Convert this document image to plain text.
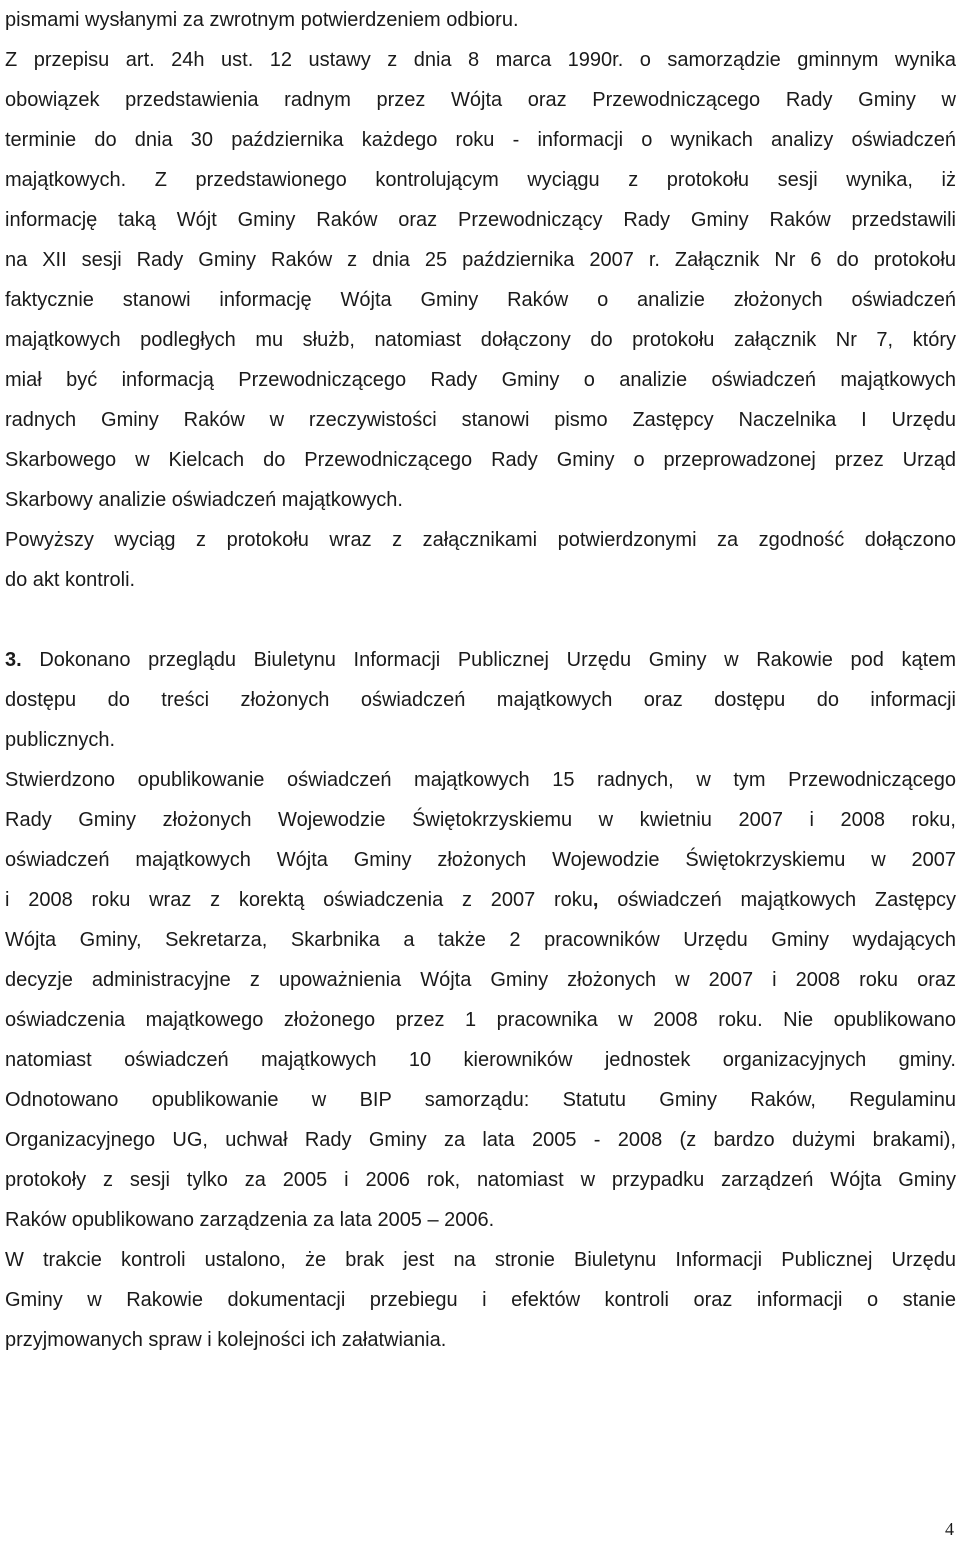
pismami wysłanymi za zwrotnym potwierdzeniem odbioru.
Z przepisu art. 24h ust. 12 ustawy z dnia 8 marca 1990r. o samorządzie gminnym wynika
obowiązek przedstawienia radnym przez Wójta oraz Przewodniczącego Rady Gminy w
terminie do dnia 30 października każdego roku - informacji o wynikach analizy oświadczeń
majątkowych. Z przedstawionego kontrolującym wyciągu z protokołu sesji wynika, iż
informację taką Wójt Gminy Raków oraz Przewodniczący Rady Gminy Raków przedstawili
na XII sesji Rady Gminy Raków z dnia 25 października 2007 r. Załącznik Nr 6 do protokołu
faktycznie stanowi informację Wójta Gminy Raków o analizie złożonych oświadczeń
majątkowych podległych mu służb, natomiast dołączony do protokołu załącznik Nr 7, który
miał być informacją Przewodniczącego Rady Gminy o analizie oświadczeń majątkowych
radnych Gminy Raków w rzeczywistości stanowi pismo Zastępcy Naczelnika I Urzędu
Skarbowego w Kielcach do Przewodniczącego Rady Gminy o przeprowadzonej przez Urząd
Skarbowy analizie oświadczeń majątkowych.
Powyższy wyciąg z protokołu wraz z załącznikami potwierdzonymi za zgodność dołączono
do akt kontroli.
3. Dokonano przeglądu Biuletynu Informacji Publicznej Urzędu Gminy w Rakowie pod kątem
dostępu do treści złożonych oświadczeń majątkowych oraz dostępu do informacji
publicznych.
Stwierdzono opublikowanie oświadczeń majątkowych 15 radnych, w tym Przewodniczącego
Rady Gminy złożonych Wojewodzie Świętokrzyskiemu w kwietniu 2007 i 2008 roku,
oświadczeń majątkowych Wójta Gminy złożonych Wojewodzie Świętokrzyskiemu w 2007
i 2008 roku wraz z korektą oświadczenia z 2007 roku, oświadczeń majątkowych Zastępcy
Wójta Gminy, Sekretarza, Skarbnika a także 2 pracowników Urzędu Gminy wydających
decyzje administracyjne z upoważnienia Wójta Gminy złożonych w 2007 i 2008 roku oraz
oświadczenia majątkowego złożonego przez 1 pracownika w 2008 roku. Nie opublikowano
natomiast oświadczeń majątkowych 10 kierowników jednostek organizacyjnych gminy.
Odnotowano opublikowanie w BIP samorządu: Statutu Gminy Raków, Regulaminu
Organizacyjnego UG, uchwał Rady Gminy za lata 2005 - 2008 (z bardzo dużymi brakami),
protokoły z sesji tylko za 2005 i 2006 rok, natomiast w przypadku zarządzeń Wójta Gminy
Raków opublikowano zarządzenia za lata 2005 – 2006.
W trakcie kontroli ustalono, że brak jest na stronie Biuletynu Informacji Publicznej Urzędu
Gminy w Rakowie dokumentacji przebiegu i efektów kontroli oraz informacji o stanie
przyjmowanych spraw i kolejności ich załatwiania.
4
